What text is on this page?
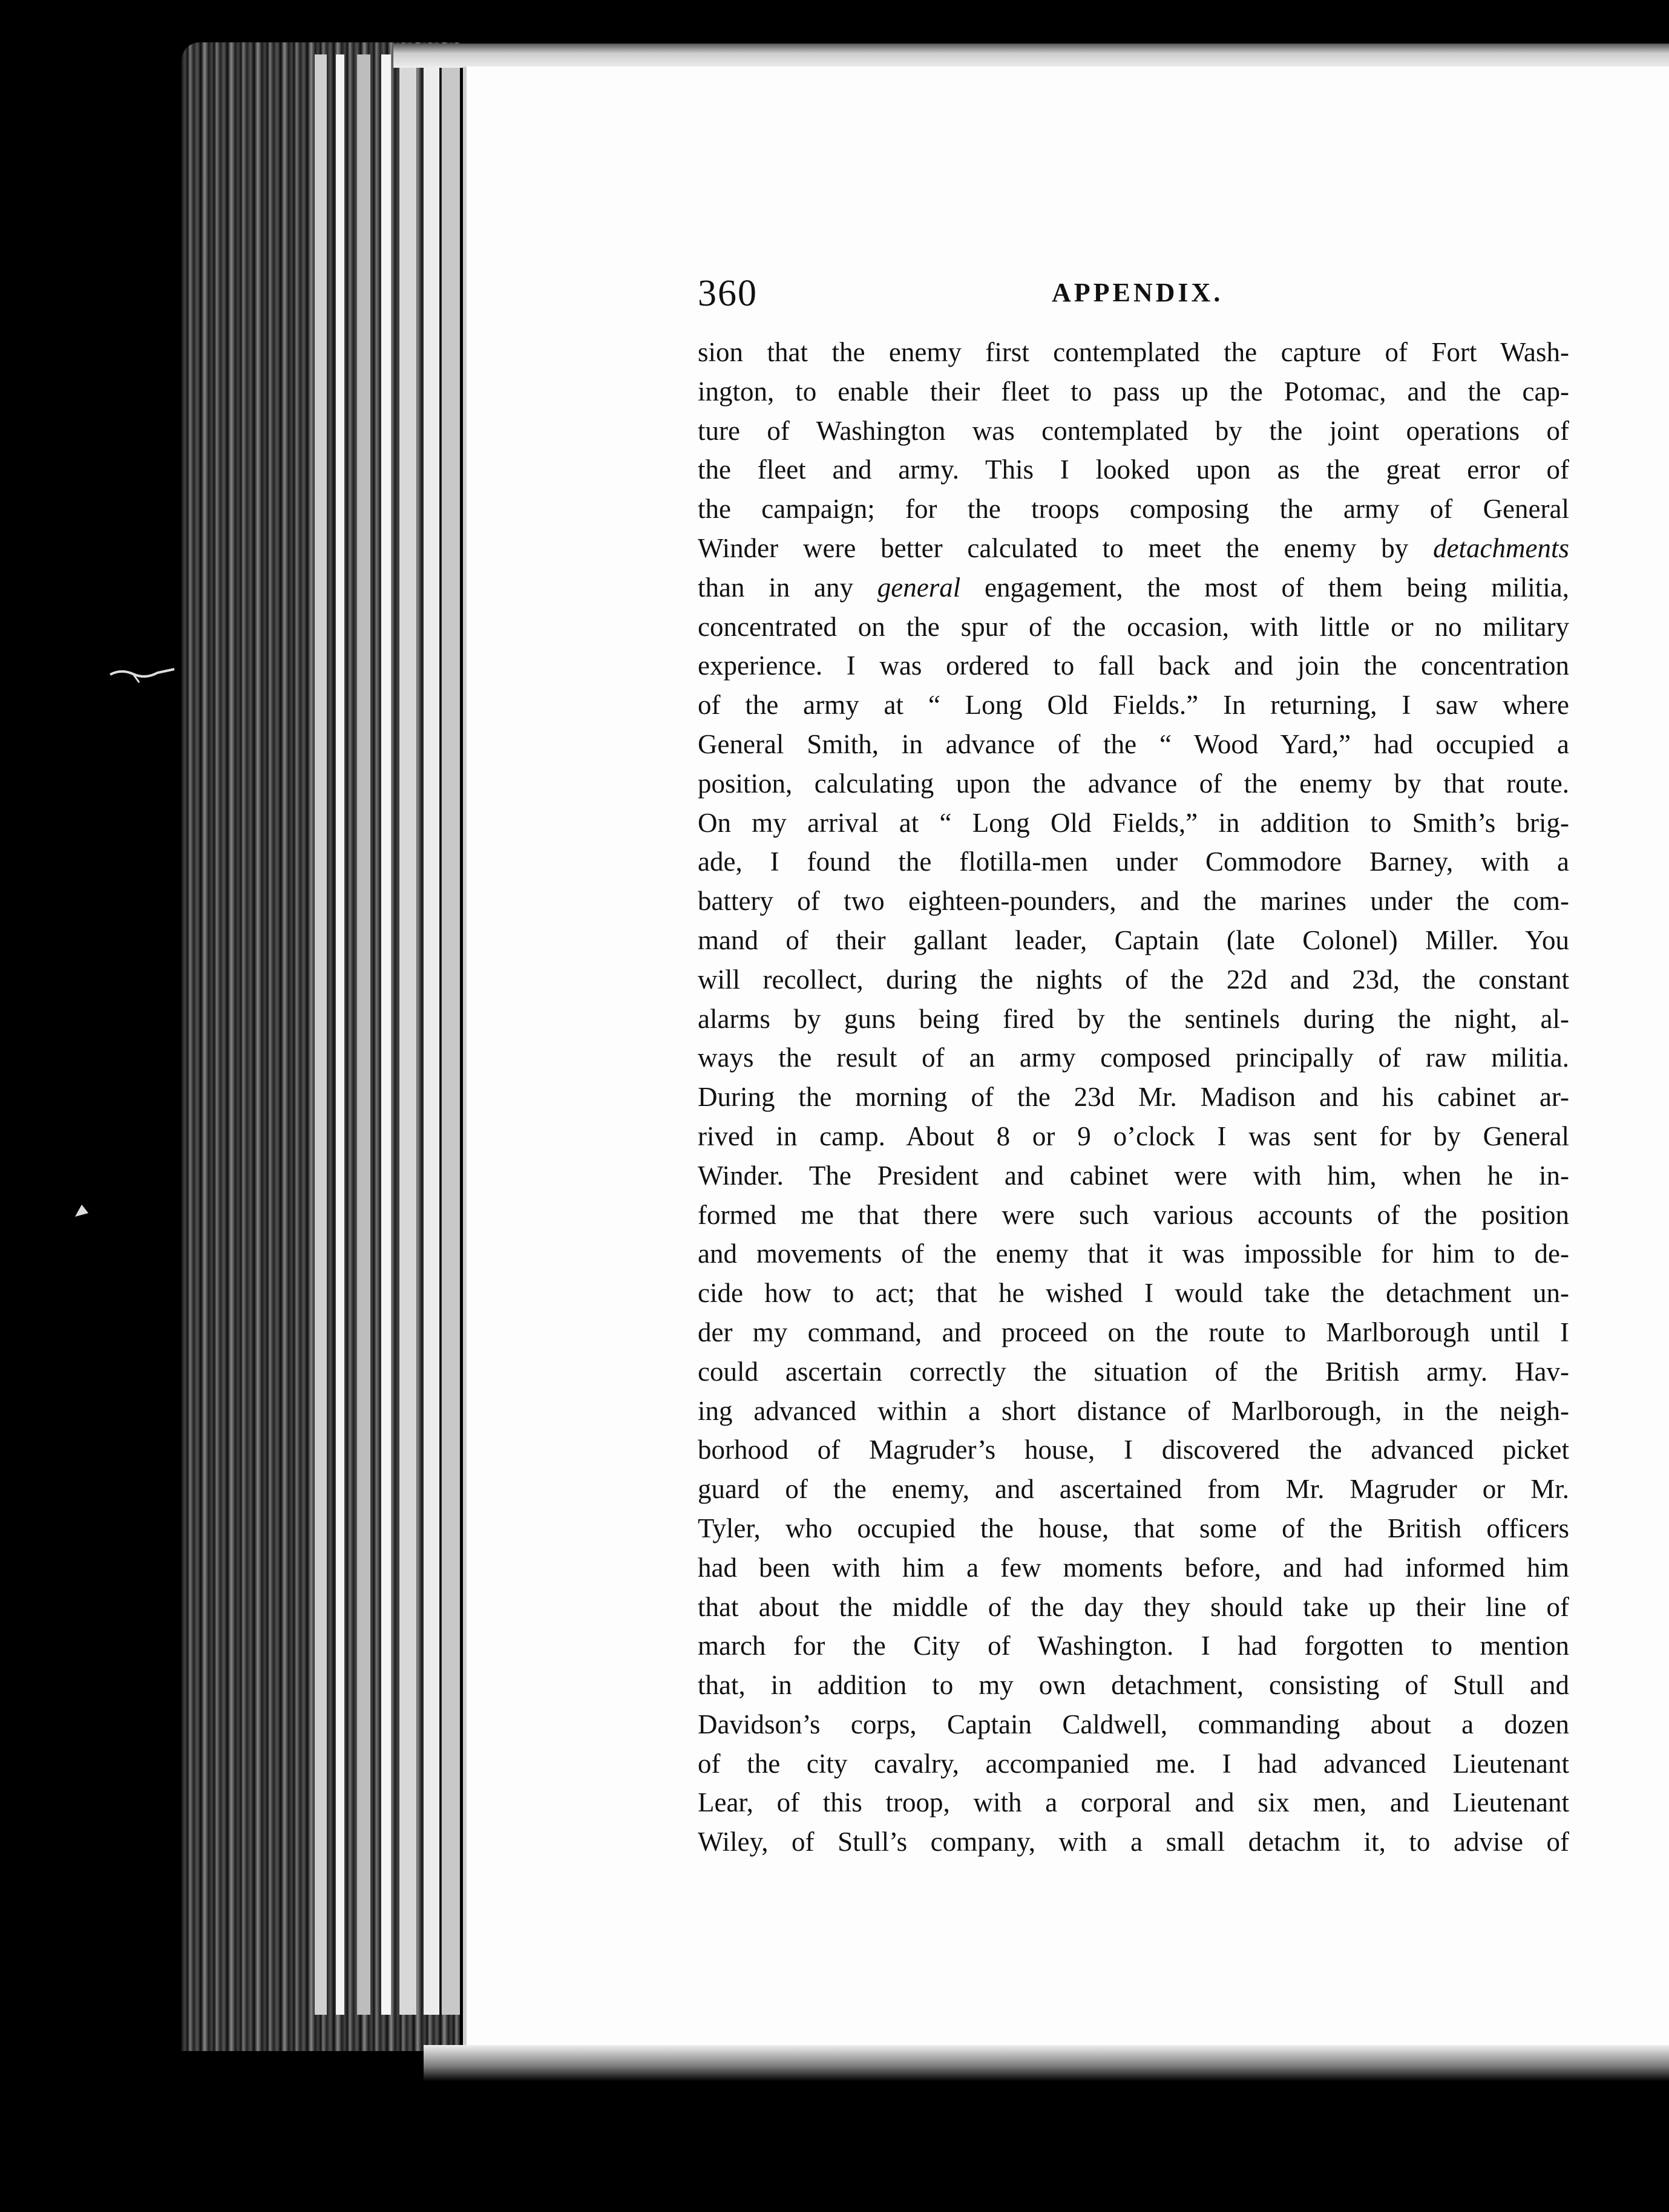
360	APPENDIX.
sion that the enemy first contemplated the capture of Fort Wash-
ington, to enable their fleet to pass up the Potomac, and the cap-
ture of Washington was contemplated by the joint operations of
the fleet and army. This I looked upon as the great error of
the campaign; for the troops composing the army of General
Winder were better calculated to meet the enemy by detachments
than in any general engagement, the most of them being militia,
concentrated on the spur of the occasion, with little or no military
experience. I was ordered to fall back and join the concentration
of the army at “ Long Old Fields.” In returning, I saw where
General Smith, in advance of the “ Wood Yard,” had occupied a
position, calculating upon the advance of the enemy by that route.
On my arrival at “ Long Old Fields,” in addition to Smith’s brig-
ade, I found the flotilla-men under Commodore Barney, with a
battery of two eighteen-pounders, and the marines under the com-
mand of their gallant leader, Captain (late Colonel) Miller. You
will recollect, during the nights of the 22d and 23d, the constant
alarms by guns being fired by the sentinels during the night, al-
ways the result of an army composed principally of raw militia.
During the morning of the 23d Mr. Madison and his cabinet ar-
rived in camp. About 8 or 9 o’clock I was sent for by General
Winder. The President and cabinet were with him, when he in-
formed me that there were such various accounts of the position
and movements of the enemy that it was impossible for him to de-
cide how to act; that he wished I would take the detachment un-
der my command, and proceed on the route to Marlborough until I
could ascertain correctly the situation of the British army. Hav-
ing advanced within a short distance of Marlborough, in the neigh-
borhood of Magruder’s house, I discovered the advanced picket
guard of the enemy, and ascertained from Mr. Magruder or Mr.
Tyler, who occupied the house, that some of the British officers
had been with him a few moments before, and had informed him
that about the middle of the day they should take up their line of
march for the City of Washington. I had forgotten to mention
that, in addition to my own detachment, consisting of Stull and
Davidson’s corps, Captain Caldwell, commanding about a dozen
of the city cavalry, accompanied me. I had advanced Lieutenant
Lear, of this troop, with a corporal and six men, and Lieutenant
Wiley, of Stull’s company, with a small detachm it, to advise of
